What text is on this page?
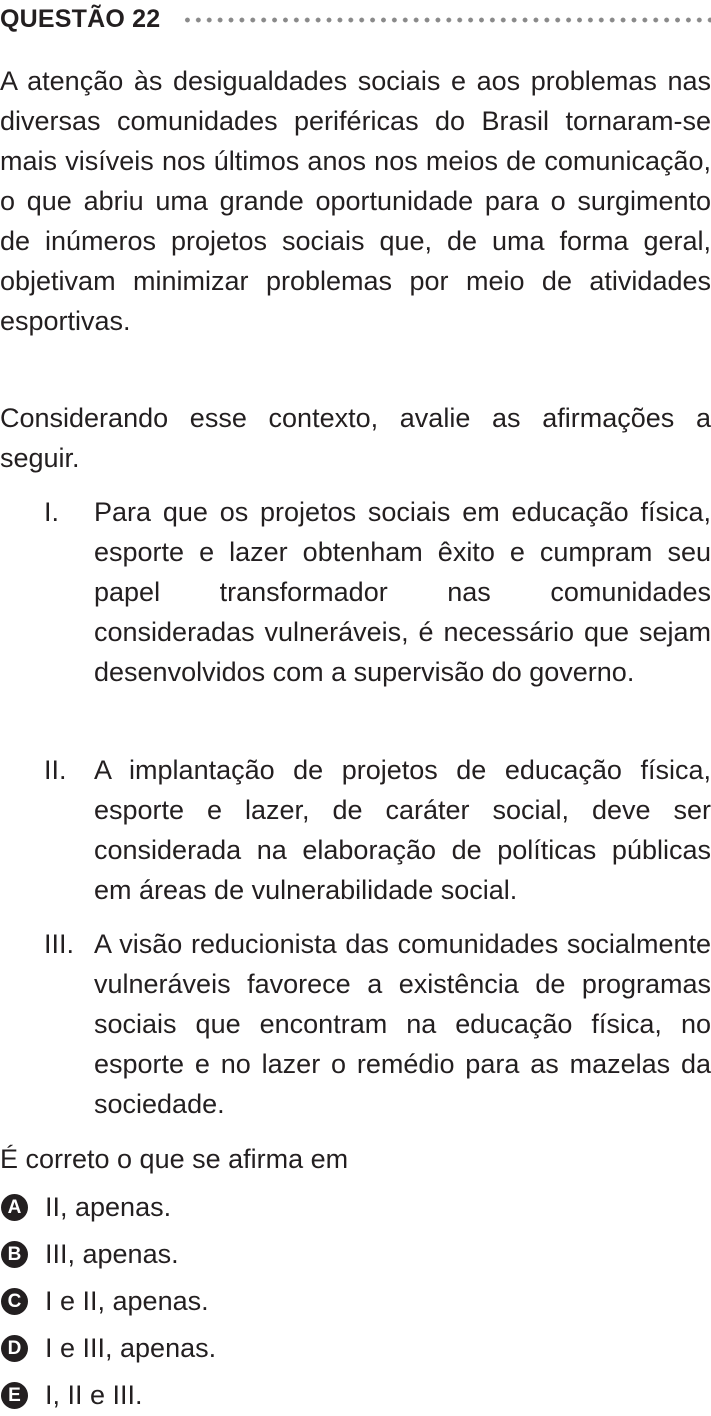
QUESTÃO 22

A atenção às desigualdades sociais e aos problemas nas diversas comunidades periféricas do Brasil tornaram-se mais visíveis nos últimos anos nos meios de comunicação, o que abriu uma grande oportunidade para o surgimento de inúmeros projetos sociais que, de uma forma geral, objetivam minimizar problemas por meio de atividades esportivas.

Considerando esse contexto, avalie as afirmações a seguir.

I. Para que os projetos sociais em educação física, esporte e lazer obtenham êxito e cumpram seu papel transformador nas comunidades consideradas vulneráveis, é necessário que sejam desenvolvidos com a supervisão do governo.

II. A implantação de projetos de educação física, esporte e lazer, de caráter social, deve ser considerada na elaboração de políticas públicas em áreas de vulnerabilidade social.

III. A visão reducionista das comunidades socialmente vulneráveis favorece a existência de programas sociais que encontram na educação física, no esporte e no lazer o remédio para as mazelas da sociedade.

É correto o que se afirma em

A II, apenas.
B III, apenas.
C I e II, apenas.
D I e III, apenas.
E I, II e III.
